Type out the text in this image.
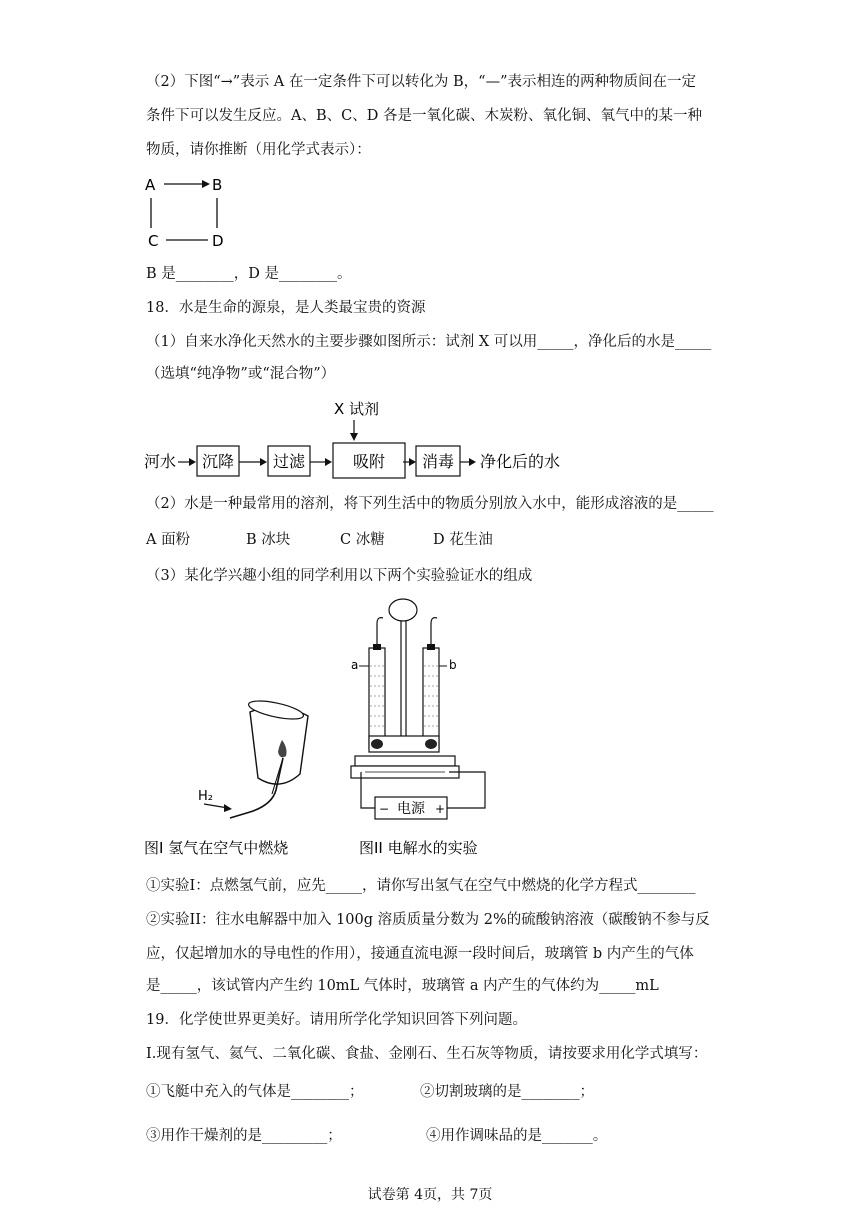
（2）下图“→”表示 A 在一定条件下可以转化为 B，“—”表示相连的两种物质间在一定
条件下可以发生反应。A、B、C、D 各是一氧化碳、木炭粉、氧化铜、氧气中的某一种
物质，请你推断（用化学式表示）：
A	B
C	D
B 是________，D 是________。
18．水是生命的源泉，是人类最宝贵的资源
（1）自来水净化天然水的主要步骤如图所示：试剂 X 可以用_____，净化后的水是_____
（选填“纯净物”或“混合物”）
X 试剂
河水 沉降 过滤	吸附 消毒 净化后的水
（2）水是一种最常用的溶剂，将下列生活中的物质分别放入水中，能形成溶液的是_____
A 面粉	B 冰块	C 冰糖	D 花生油
（3）某化学兴趣小组的同学利用以下两个实验验证水的组成
H₂
图I 氢气在空气中燃烧
a	b
− 电源 +
图II 电解水的实验
①实验I：点燃氢气前，应先_____，请你写出氢气在空气中燃烧的化学方程式________
②实验II：往水电解器中加入 100g 溶质质量分数为 2%的硫酸钠溶液（碳酸钠不参与反
应，仅起增加水的导电性的作用），接通直流电源一段时间后，玻璃管 b 内产生的气体
是_____，该试管内产生约 10mL 气体时，玻璃管 a 内产生的气体约为_____mL
19．化学使世界更美好。请用所学化学知识回答下列问题。
I.现有氢气、氦气、二氧化碳、食盐、金刚石、生石灰等物质，请按要求用化学式填写：
①飞艇中充入的气体是________；	②切割玻璃的是________；
③用作干燥剂的是_________；	④用作调味品的是_______。
试卷第 4页，共 7页
